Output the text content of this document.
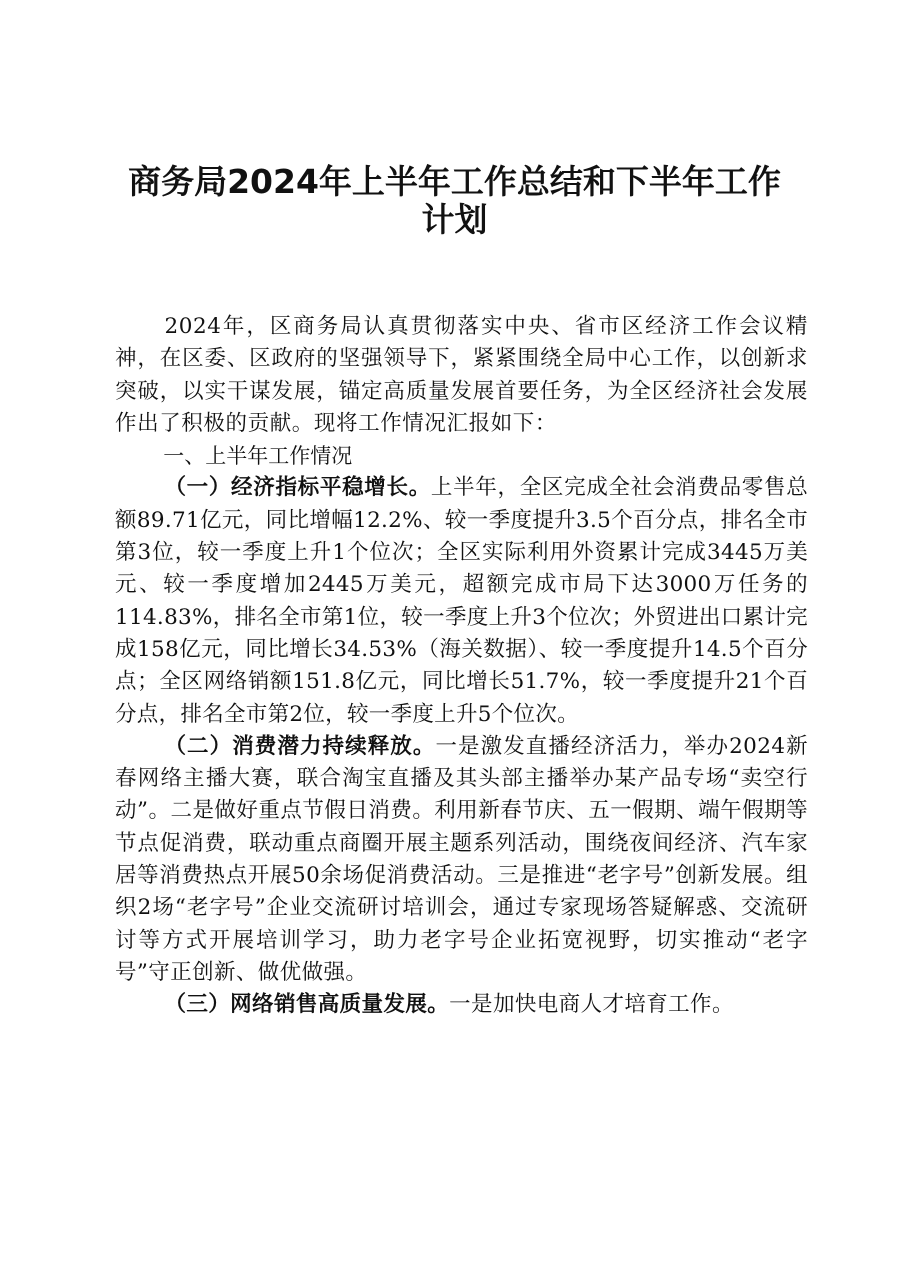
商务局2024年上半年工作总结和下半年工作
计划

2024年，区商务局认真贯彻落实中央、省市区经济工作会议精神，在区委、区政府的坚强领导下，紧紧围绕全局中心工作，以创新求突破，以实干谋发展，锚定高质量发展首要任务，为全区经济社会发展作出了积极的贡献。现将工作情况汇报如下：

一、上半年工作情况

（一）经济指标平稳增长。上半年，全区完成全社会消费品零售总额89.71亿元，同比增幅12.2%、较一季度提升3.5个百分点，排名全市第3位，较一季度上升1个位次；全区实际利用外资累计完成3445万美元、较一季度增加2445万美元，超额完成市局下达3000万任务的114.83%，排名全市第1位，较一季度上升3个位次；外贸进出口累计完成158亿元，同比增长34.53%（海关数据）、较一季度提升14.5个百分点；全区网络销额151.8亿元，同比增长51.7%，较一季度提升21个百分点，排名全市第2位，较一季度上升5个位次。

（二）消费潜力持续释放。一是激发直播经济活力，举办2024新春网络主播大赛，联合淘宝直播及其头部主播举办某产品专场“卖空行动”。二是做好重点节假日消费。利用新春节庆、五一假期、端午假期等节点促消费，联动重点商圈开展主题系列活动，围绕夜间经济、汽车家居等消费热点开展50余场促消费活动。三是推进“老字号”创新发展。组织2场“老字号”企业交流研讨培训会，通过专家现场答疑解惑、交流研讨等方式开展培训学习，助力老字号企业拓宽视野，切实推动“老字号”守正创新、做优做强。

（三）网络销售高质量发展。一是加快电商人才培育工作。
